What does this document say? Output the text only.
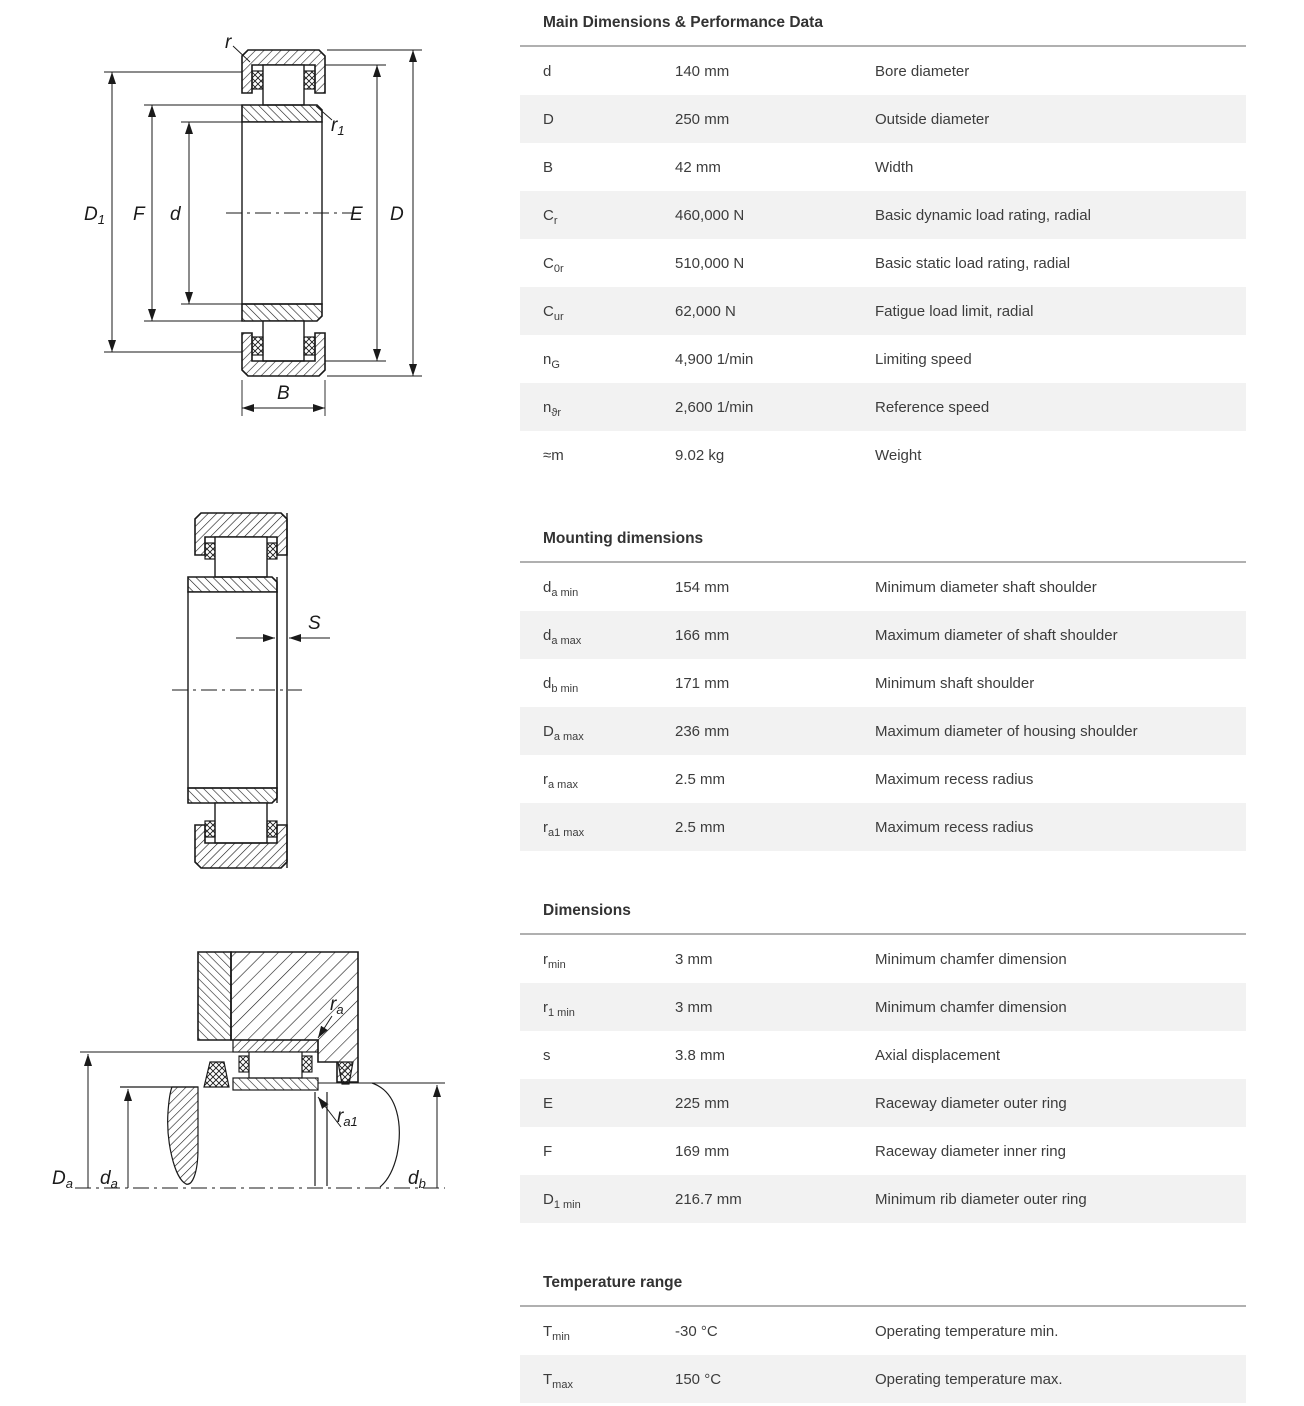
$D_1$ F d	E D
B
r
$r_1$
S
$D_a$ $d_a$	$d_b$
$r_a$
$r_{a1}$
Main Dimensions & Performance Data
d	140 mm	Bore diameter
D	250 mm	Outside diameter
B	42 mm	Width
$C_r$	460,000 N	Basic dynamic load rating, radial
$C_{0r}$	510,000 N	Basic static load rating, radial
$C_{ur}$	62,000 N	Fatigue load limit, radial
$n_G$	4,900 1/min	Limiting speed
$n_{ϑr}$	2,600 1/min	Reference speed
≈m	9.02 kg	Weight
Mounting dimensions
$d_{a min}$	154 mm	Minimum diameter shaft shoulder
$d_{a max}$	166 mm	Maximum diameter of shaft shoulder
$d_{b min}$	171 mm	Minimum shaft shoulder
$D_{a max}$	236 mm	Maximum diameter of housing shoulder
$r_{a max}$	2.5 mm	Maximum recess radius
$r_{a1 max}$	2.5 mm	Maximum recess radius
Dimensions
$r_{min}$	3 mm	Minimum chamfer dimension
$r_{1 min}$	3 mm	Minimum chamfer dimension
s	3.8 mm	Axial displacement
E	225 mm	Raceway diameter outer ring
F	169 mm	Raceway diameter inner ring
$D_{1 min}$	216.7 mm	Minimum rib diameter outer ring
Temperature range
$T_{min}$	-30 °C	Operating temperature min.
$T_{max}$	150 °C	Operating temperature max.
